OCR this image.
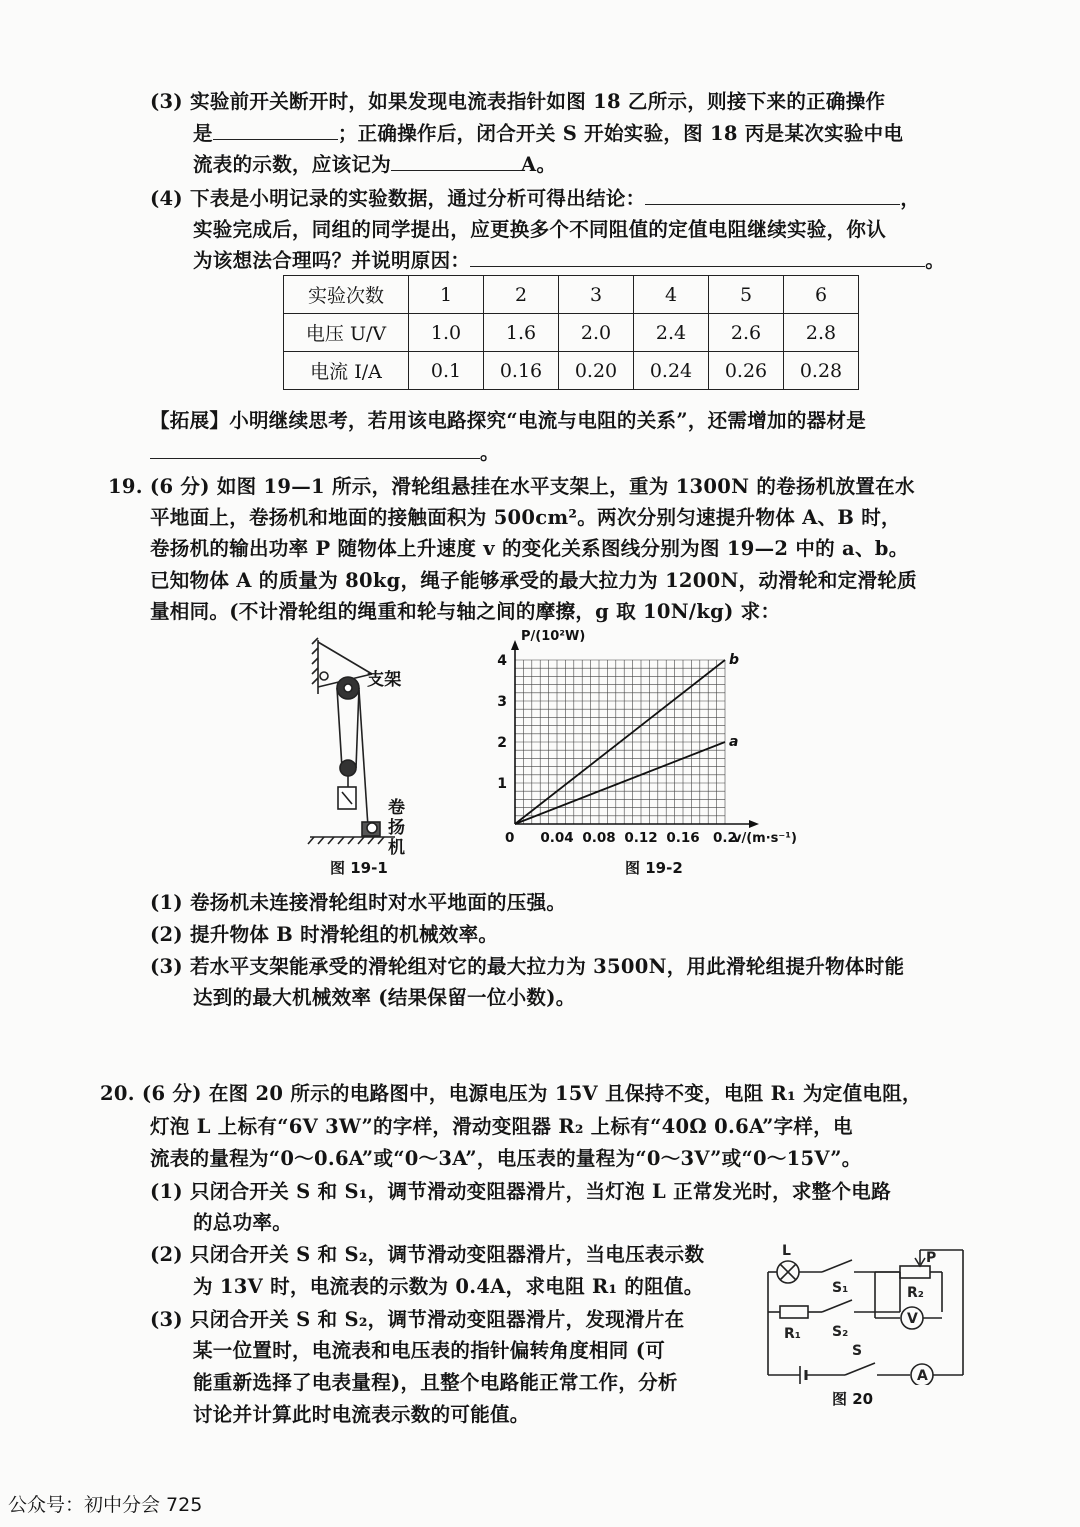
(3) 实验前开关断开时，如果发现电流表指针如图 18 乙所示，则接下来的正确操作
是	；正确操作后，闭合开关 S 开始实验，图 18 丙是某次实验中电
流表的示数，应该记为	A。
(4) 下表是小明记录的实验数据，通过分析可得出结论：	，
实验完成后，同组的同学提出，应更换多个不同阻值的定值电阻继续实验，你认
为该想法合理吗？并说明原因：	。
实验次数	1	2	3	4	5	6
电压 U/V	1.0	1.6	2.0	2.4	2.6	2.8
电流 I/A	0.1	0.16	0.20	0.24	0.26	0.28
【拓展】小明继续思考，若用该电路探究“电流与电阻的关系”，还需增加的器材是
。
19. (6 分) 如图 19—1 所示，滑轮组悬挂在水平支架上，重为 1300N 的卷扬机放置在水
平地面上，卷扬机和地面的接触面积为 500cm²。两次分别匀速提升物体 A、B 时，
卷扬机的输出功率 P 随物体上升速度 v 的变化关系图线分别为图 19—2 中的 a、b。
已知物体 A 的质量为 80kg，绳子能够承受的最大拉力为 1200N，动滑轮和定滑轮质
量相同。(不计滑轮组的绳重和轮与轴之间的摩擦，g 取 10N/kg) 求：
支架
卷
扬
机
图 19-1
a
b
0 0.04 0.08 0.12 0.16 0.2
1
2
3
4
v/(m·s⁻¹)
P/(10²W)
图 19-2
(1) 卷扬机未连接滑轮组时对水平地面的压强。
(2) 提升物体 B 时滑轮组的机械效率。
(3) 若水平支架能承受的滑轮组对它的最大拉力为 3500N，用此滑轮组提升物体时能
达到的最大机械效率 (结果保留一位小数)。
20. (6 分) 在图 20 所示的电路图中，电源电压为 15V 且保持不变，电阻 R₁ 为定值电阻，
灯泡 L 上标有“6V 3W”的字样，滑动变阻器 R₂ 上标有“40Ω 0.6A”字样，电
流表的量程为“0～0.6A”或“0～3A”，电压表的量程为“0～3V”或“0～15V”。
(1) 只闭合开关 S 和 S₁，调节滑动变阻器滑片，当灯泡 L 正常发光时，求整个电路
的总功率。
(2) 只闭合开关 S 和 S₂，调节滑动变阻器滑片，当电压表示数
为 13V 时，电流表的示数为 0.4A，求电阻 R₁ 的阻值。
(3) 只闭合开关 S 和 S₂，调节滑动变阻器滑片，发现滑片在
某一位置时，电流表和电压表的指针偏转角度相同 (可
能重新选择了电表量程)，且整个电路能正常工作，分析
讨论并计算此时电流表示数的可能值。
L	P
S₁	R₂
V
R₁ S₂
S
A
图 20
公众号：初中分会 725
